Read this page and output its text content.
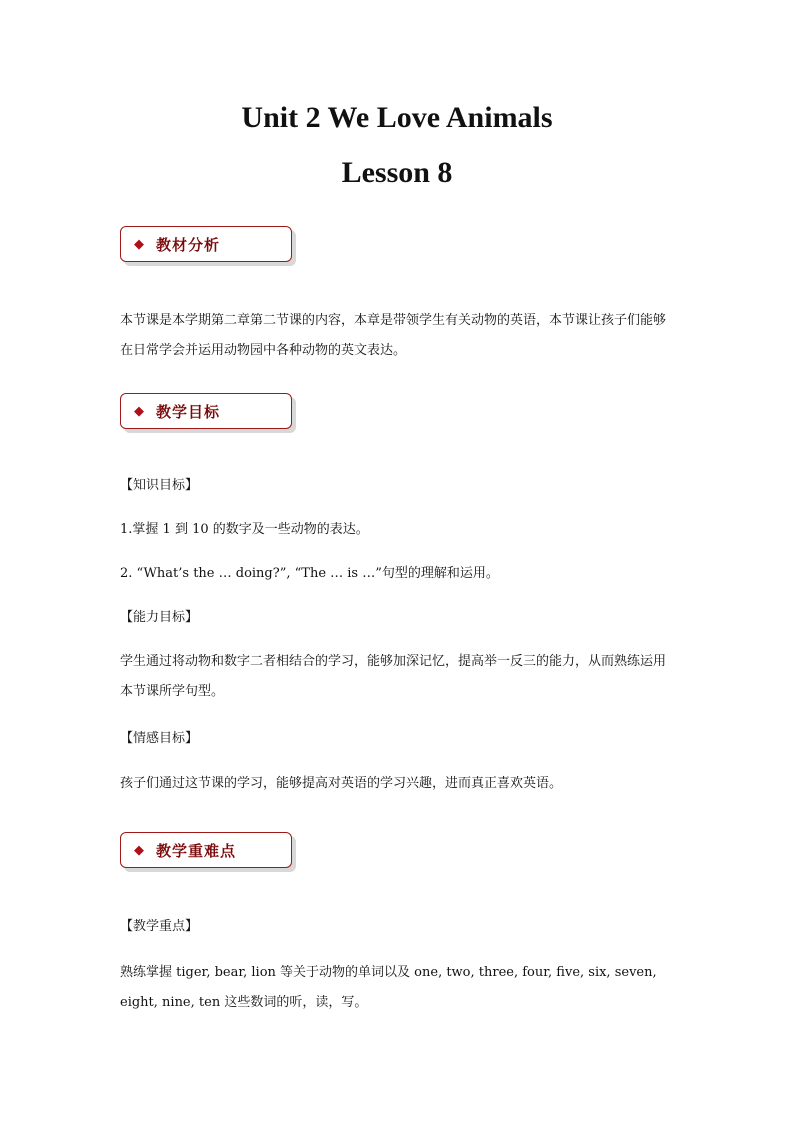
Unit 2 We Love Animals
Lesson 8
◆ 教材分析
本节课是本学期第二章第二节课的内容，本章是带领学生有关动物的英语，本节课让孩子们能够在日常学会并运用动物园中各种动物的英文表达。
◆ 教学目标
【知识目标】
1.掌握 1 到 10 的数字及一些动物的表达。
2. “What’s the … doing?”, “The … is …”句型的理解和运用。
【能力目标】
学生通过将动物和数字二者相结合的学习，能够加深记忆，提高举一反三的能力，从而熟练运用本节课所学句型。
【情感目标】
孩子们通过这节课的学习，能够提高对英语的学习兴趣，进而真正喜欢英语。
◆ 教学重难点
【教学重点】
熟练掌握 tiger, bear, lion 等关于动物的单词以及 one, two, three, four, five, six, seven, eight, nine, ten 这些数词的听，读，写。
